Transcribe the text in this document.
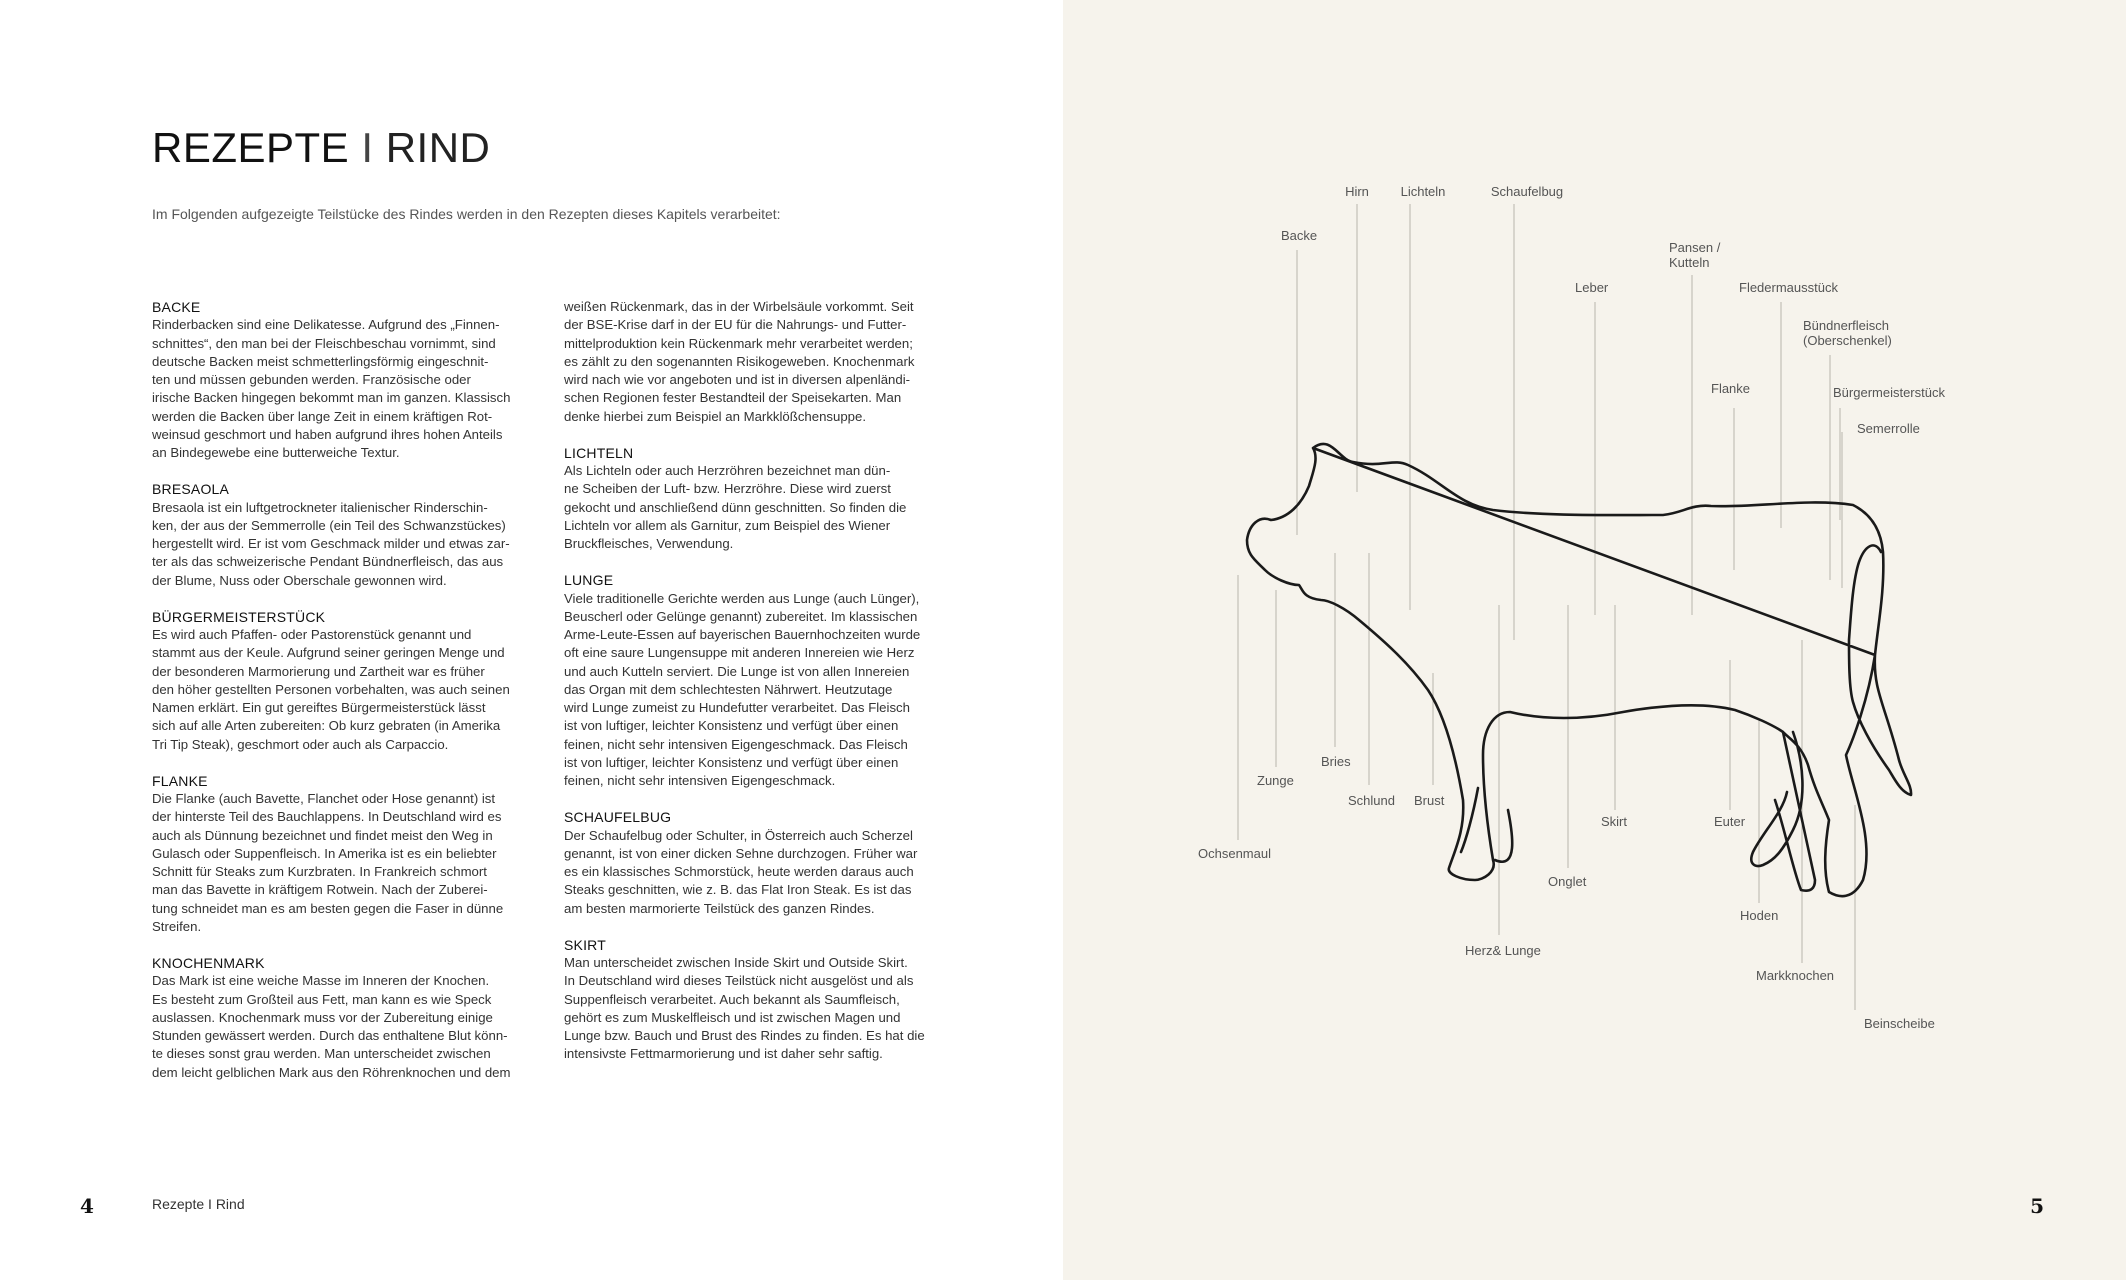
REZEPTE I RIND

Im Folgenden aufgezeigte Teilstücke des Rindes werden in den Rezepten dieses Kapitels verarbeitet:

BACKE

Rinderbacken sind eine Delikatesse. Aufgrund des „Finnen-
schnittes“, den man bei der Fleischbeschau vornimmt, sind
deutsche Backen meist schmetterlingsförmig eingeschnit-
ten und müssen gebunden werden. Französische oder
irische Backen hingegen bekommt man im ganzen. Klassisch
werden die Backen über lange Zeit in einem kräftigen Rot-
weinsud geschmort und haben aufgrund ihres hohen Anteils
an Bindegewebe eine butterweiche Textur.

BRESAOLA

Bresaola ist ein luftgetrockneter italienischer Rinderschin-
ken, der aus der Semmerrolle (ein Teil des Schwanzstückes)
hergestellt wird. Er ist vom Geschmack milder und etwas zar-
ter als das schweizerische Pendant Bündnerfleisch, das aus
der Blume, Nuss oder Oberschale gewonnen wird.

BÜRGERMEISTERSTÜCK

Es wird auch Pfaffen- oder Pastorenstück genannt und
stammt aus der Keule. Aufgrund seiner geringen Menge und
der besonderen Marmorierung und Zartheit war es früher
den höher gestellten Personen vorbehalten, was auch seinen
Namen erklärt. Ein gut gereiftes Bürgermeisterstück lässt
sich auf alle Arten zubereiten: Ob kurz gebraten (in Amerika
Tri Tip Steak), geschmort oder auch als Carpaccio.

FLANKE

Die Flanke (auch Bavette, Flanchet oder Hose genannt) ist
der hinterste Teil des Bauchlappens. In Deutschland wird es
auch als Dünnung bezeichnet und findet meist den Weg in
Gulasch oder Suppenfleisch. In Amerika ist es ein beliebter
Schnitt für Steaks zum Kurzbraten. In Frankreich schmort
man das Bavette in kräftigem Rotwein. Nach der Zuberei-
tung schneidet man es am besten gegen die Faser in dünne
Streifen.

KNOCHENMARK

Das Mark ist eine weiche Masse im Inneren der Knochen.
Es besteht zum Großteil aus Fett, man kann es wie Speck
auslassen. Knochenmark muss vor der Zubereitung einige
Stunden gewässert werden. Durch das enthaltene Blut könn-
te dieses sonst grau werden. Man unterscheidet zwischen
dem leicht gelblichen Mark aus den Röhrenknochen und dem

weißen Rückenmark, das in der Wirbelsäule vorkommt. Seit
der BSE-Krise darf in der EU für die Nahrungs- und Futter-
mittelproduktion kein Rückenmark mehr verarbeitet werden;
es zählt zu den sogenannten Risikogeweben. Knochenmark
wird nach wie vor angeboten und ist in diversen alpenländi-
schen Regionen fester Bestandteil der Speisekarten. Man
denke hierbei zum Beispiel an Markklößchensuppe.

LICHTELN

Als Lichteln oder auch Herzröhren bezeichnet man dün-
ne Scheiben der Luft- bzw. Herzröhre. Diese wird zuerst
gekocht und anschließend dünn geschnitten. So finden die
Lichteln vor allem als Garnitur, zum Beispiel des Wiener
Bruckfleisches, Verwendung.

LUNGE

Viele traditionelle Gerichte werden aus Lunge (auch Lünger),
Beuscherl oder Gelünge genannt) zubereitet. Im klassischen
Arme-Leute-Essen auf bayerischen Bauernhochzeiten wurde
oft eine saure Lungensuppe mit anderen Innereien wie Herz
und auch Kutteln serviert. Die Lunge ist von allen Innereien
das Organ mit dem schlechtesten Nährwert. Heutzutage
wird Lunge zumeist zu Hundefutter verarbeitet. Das Fleisch
ist von luftiger, leichter Konsistenz und verfügt über einen
feinen, nicht sehr intensiven Eigengeschmack. Das Fleisch
ist von luftiger, leichter Konsistenz und verfügt über einen
feinen, nicht sehr intensiven Eigengeschmack.

SCHAUFELBUG

Der Schaufelbug oder Schulter, in Österreich auch Scherzel
genannt, ist von einer dicken Sehne durchzogen. Früher war
es ein klassisches Schmorstück, heute werden daraus auch
Steaks geschnitten, wie z. B. das Flat Iron Steak. Es ist das
am besten marmorierte Teilstück des ganzen Rindes.

SKIRT

Man unterscheidet zwischen Inside Skirt und Outside Skirt.
In Deutschland wird dieses Teilstück nicht ausgelöst und als
Suppenfleisch verarbeitet. Auch bekannt als Saumfleisch,
gehört es zum Muskelfleisch und ist zwischen Magen und
Lunge bzw. Bauch und Brust des Rindes zu finden. Es hat die
intensivste Fettmarmorierung und ist daher sehr saftig.

4	Rezepte I Rind
Hirn Lichteln	Schaufelbug
Backe
Pansen /
Kutteln
Leber	Fledermausstück
Bündnerfleisch
(Oberschenkel)
Flanke	Bürgermeisterstück
Semerrolle
Bries
Zunge
Schlund Brust
Skirt	Euter
Ochsenmaul
Onglet
Hoden
Herz& Lunge
Markknochen
Beinscheibe
5
